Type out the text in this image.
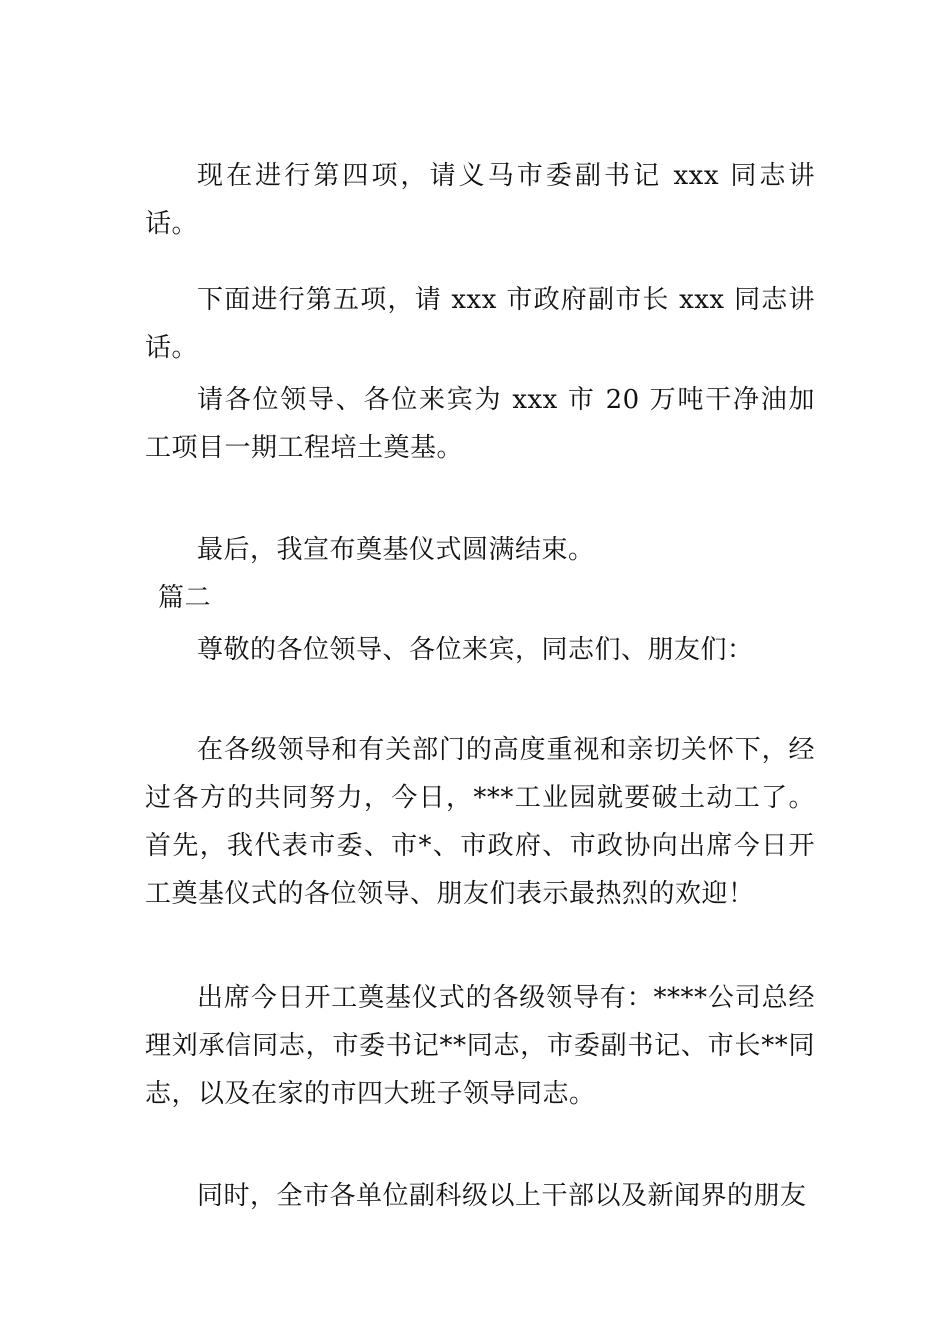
现在进行第四项，请义马市委副书记 xxx 同志讲话。

下面进行第五项，请 xxx 市政府副市长 xxx 同志讲话。

请各位领导、各位来宾为 xxx 市 20 万吨干净油加工项目一期工程培土奠基。

最后，我宣布奠基仪式圆满结束。

篇二

尊敬的各位领导、各位来宾，同志们、朋友们：

在各级领导和有关部门的高度重视和亲切关怀下，经过各方的共同努力，今日，***工业园就要破土动工了。首先，我代表市委、市*、市政府、市政协向出席今日开工奠基仪式的各位领导、朋友们表示最热烈的欢迎！

出席今日开工奠基仪式的各级领导有：****公司总经理刘承信同志，市委书记**同志，市委副书记、市长**同志，以及在家的市四大班子领导同志。

同时，全市各单位副科级以上干部以及新闻界的朋友
